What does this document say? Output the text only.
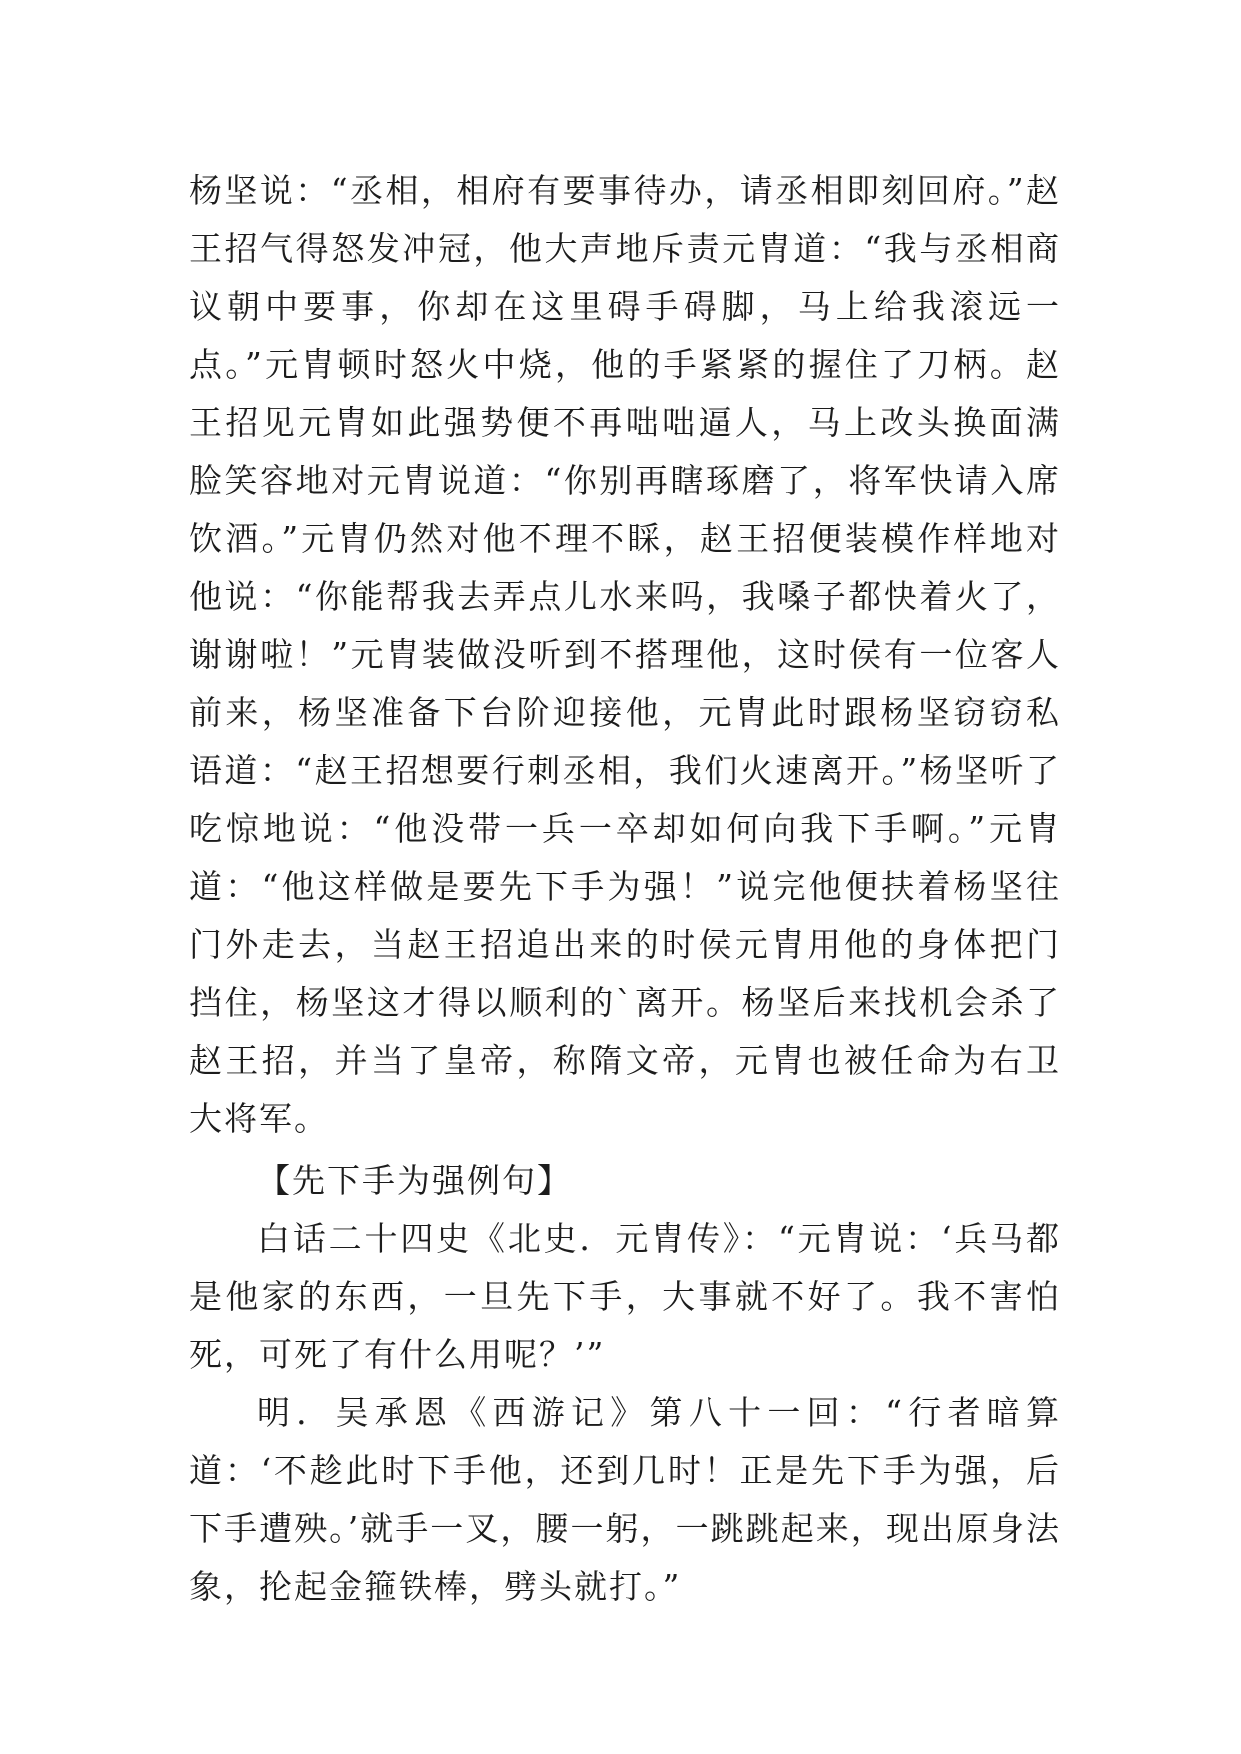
杨坚说：“丞相，相府有要事待办，请丞相即刻回府。”赵王招气得怒发冲冠，他大声地斥责元胄道：“我与丞相商议朝中要事，你却在这里碍手碍脚，马上给我滚远一点。”元胄顿时怒火中烧，他的手紧紧的握住了刀柄。赵王招见元胄如此强势便不再咄咄逼人，马上改头换面满脸笑容地对元胄说道：“你别再瞎琢磨了，将军快请入席饮酒。”元胄仍然对他不理不睬，赵王招便装模作样地对他说：“你能帮我去弄点儿水来吗，我嗓子都快着火了，谢谢啦！”元胄装做没听到不搭理他，这时侯有一位客人前来，杨坚准备下台阶迎接他，元胄此时跟杨坚窃窃私语道：“赵王招想要行刺丞相，我们火速离开。”杨坚听了吃惊地说：“他没带一兵一卒却如何向我下手啊。”元胄道：“他这样做是要先下手为强！”说完他便扶着杨坚往门外走去，当赵王招追出来的时侯元胄用他的身体把门挡住，杨坚这才得以顺利的`离开。杨坚后来找机会杀了赵王招，并当了皇帝，称隋文帝，元胄也被任命为右卫大将军。

【先下手为强例句】

白话二十四史《北史．元胄传》：“元胄说：‘兵马都是他家的东西，一旦先下手，大事就不好了。我不害怕死，可死了有什么用呢？’”

明．吴承恩《西游记》第八十一回：“行者暗算道：‘不趁此时下手他，还到几时！正是先下手为强，后下手遭殃。’就手一叉，腰一躬，一跳跳起来，现出原身法象，抡起金箍铁棒，劈头就打。”
